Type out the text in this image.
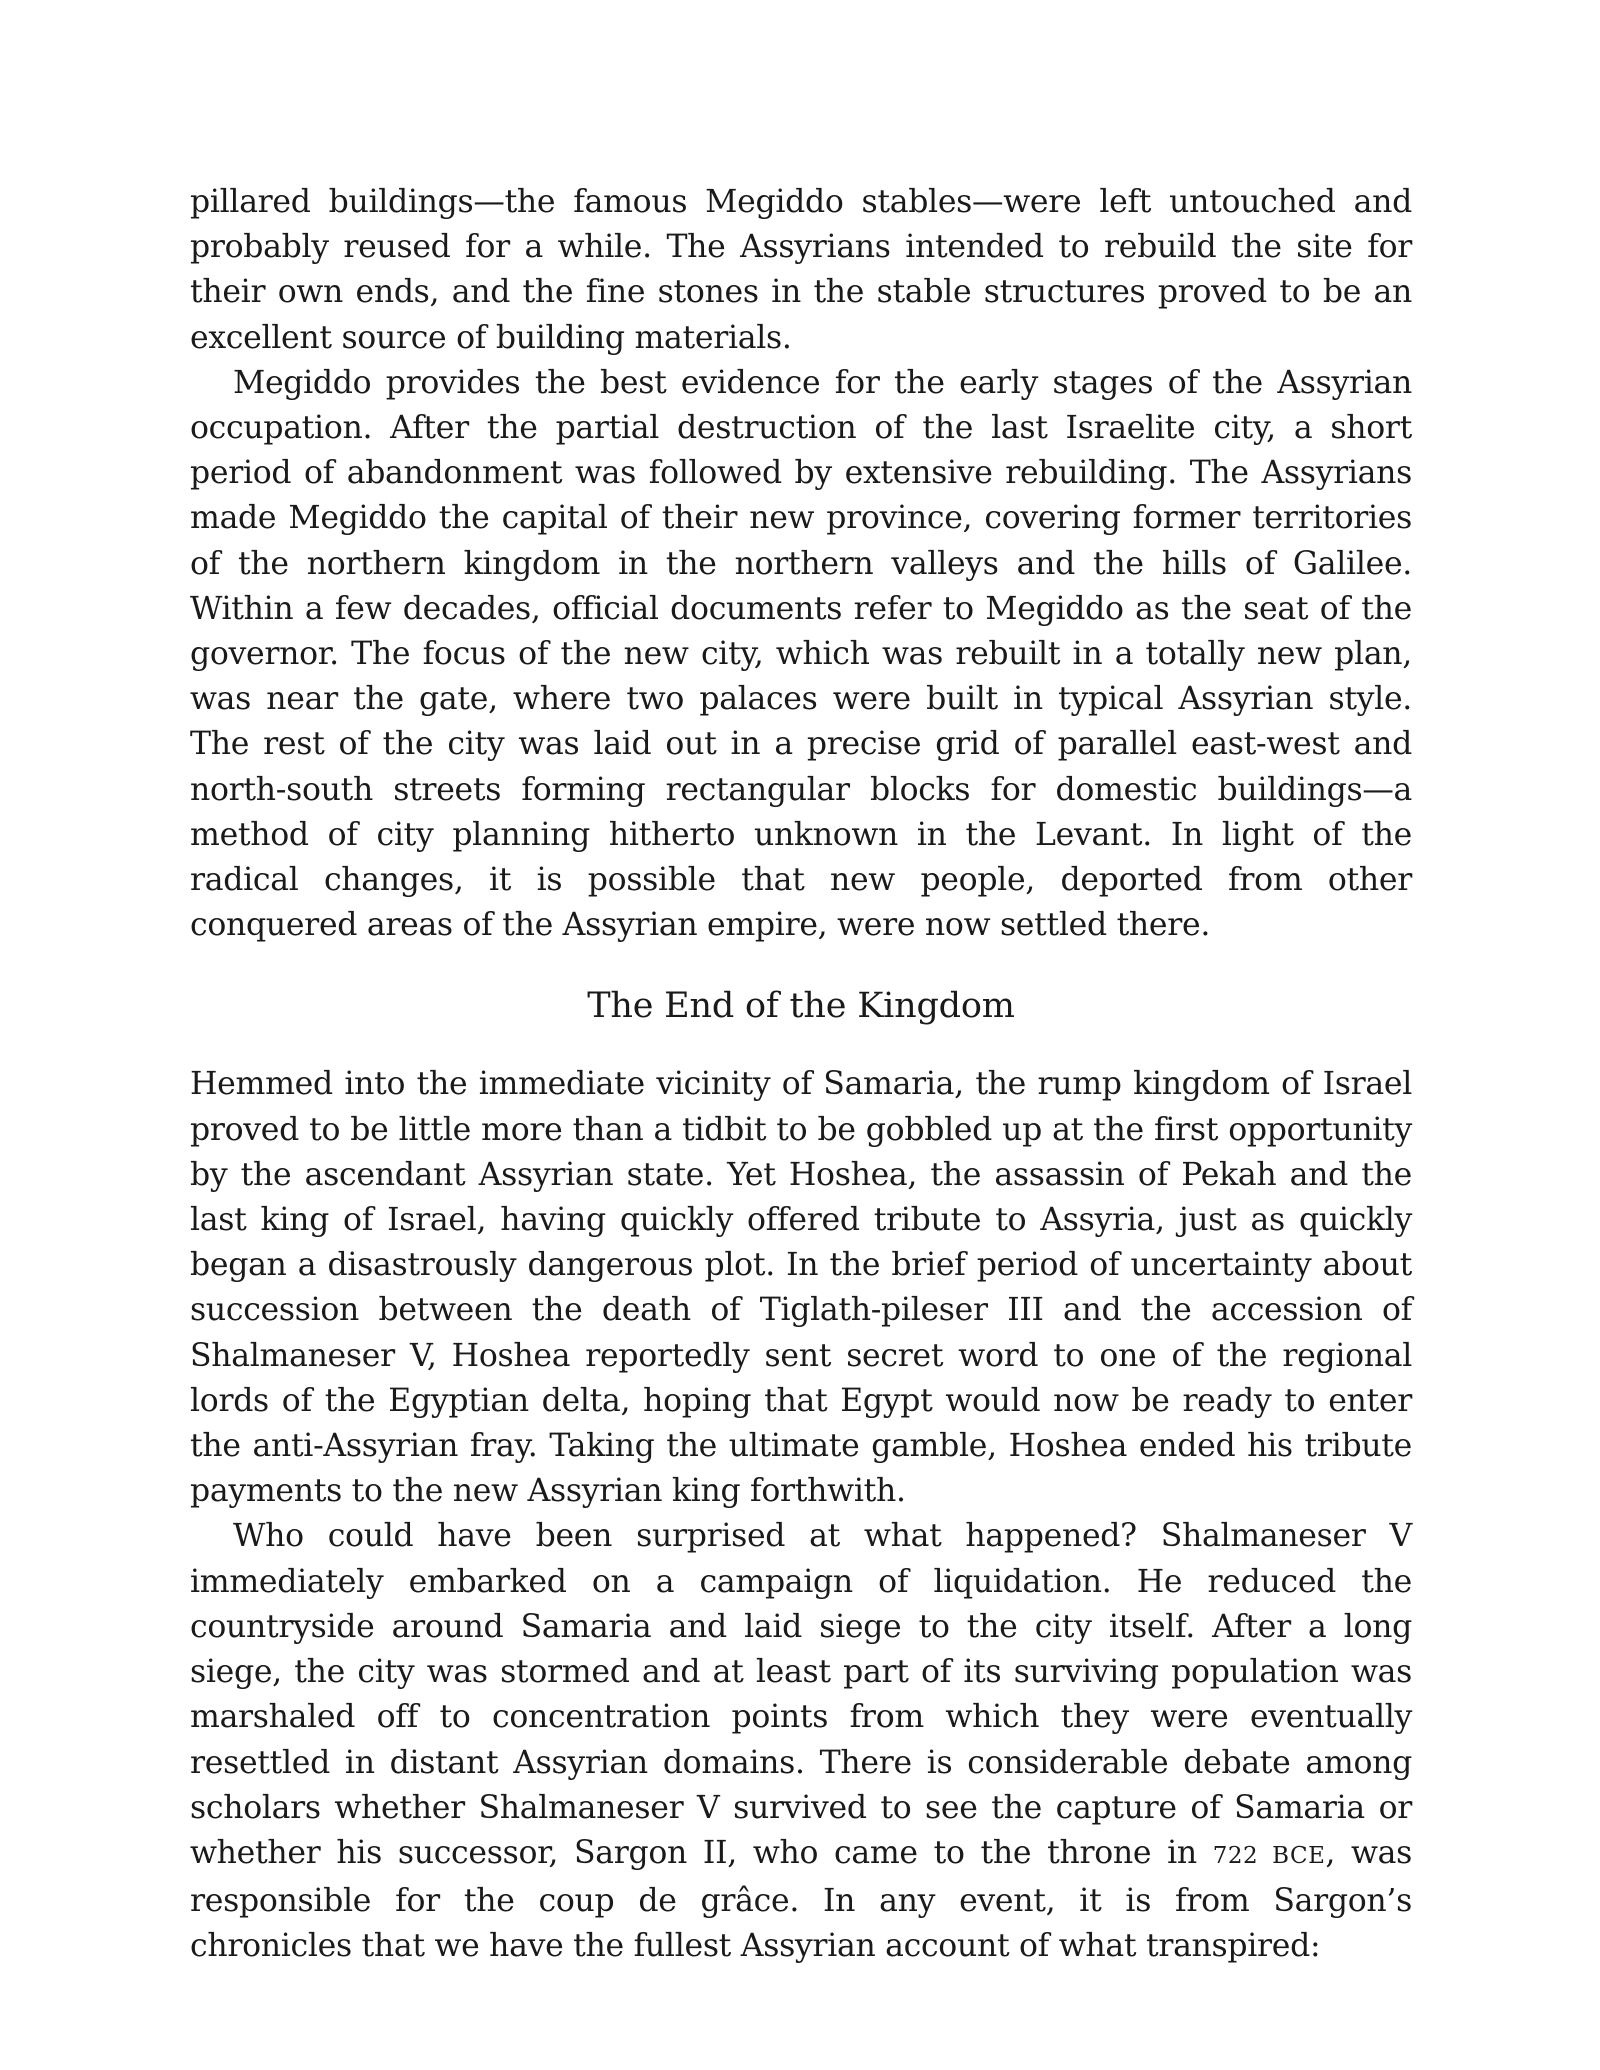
pillared buildings—the famous Megiddo stables—were left untouched and probably reused for a while. The Assyrians intended to rebuild the site for their own ends, and the fine stones in the stable structures proved to be an excellent source of building materials.

Megiddo provides the best evidence for the early stages of the Assyrian occupation. After the partial destruction of the last Israelite city, a short period of abandonment was followed by extensive rebuilding. The Assyrians made Megiddo the capital of their new province, covering former territories of the northern kingdom in the northern valleys and the hills of Galilee. Within a few decades, official documents refer to Megiddo as the seat of the governor. The focus of the new city, which was rebuilt in a totally new plan, was near the gate, where two palaces were built in typical Assyrian style. The rest of the city was laid out in a precise grid of parallel east-west and north-south streets forming rectangular blocks for domestic buildings—a method of city planning hitherto unknown in the Levant. In light of the radical changes, it is possible that new people, deported from other conquered areas of the Assyrian empire, were now settled there.

The End of the Kingdom

Hemmed into the immediate vicinity of Samaria, the rump kingdom of Israel proved to be little more than a tidbit to be gobbled up at the first opportunity by the ascendant Assyrian state. Yet Hoshea, the assassin of Pekah and the last king of Israel, having quickly offered tribute to Assyria, just as quickly began a disastrously dangerous plot. In the brief period of uncertainty about succession between the death of Tiglath-pileser III and the accession of Shalmaneser V, Hoshea reportedly sent secret word to one of the regional lords of the Egyptian delta, hoping that Egypt would now be ready to enter the anti-Assyrian fray. Taking the ultimate gamble, Hoshea ended his tribute payments to the new Assyrian king forthwith.

Who could have been surprised at what happened? Shalmaneser V immediately embarked on a campaign of liquidation. He reduced the countryside around Samaria and laid siege to the city itself. After a long siege, the city was stormed and at least part of its surviving population was marshaled off to concentration points from which they were eventually resettled in distant Assyrian domains. There is considerable debate among scholars whether Shalmaneser V survived to see the capture of Samaria or whether his successor, Sargon II, who came to the throne in 722 BCE, was responsible for the coup de grâce. In any event, it is from Sargon’s chronicles that we have the fullest Assyrian account of what transpired:
